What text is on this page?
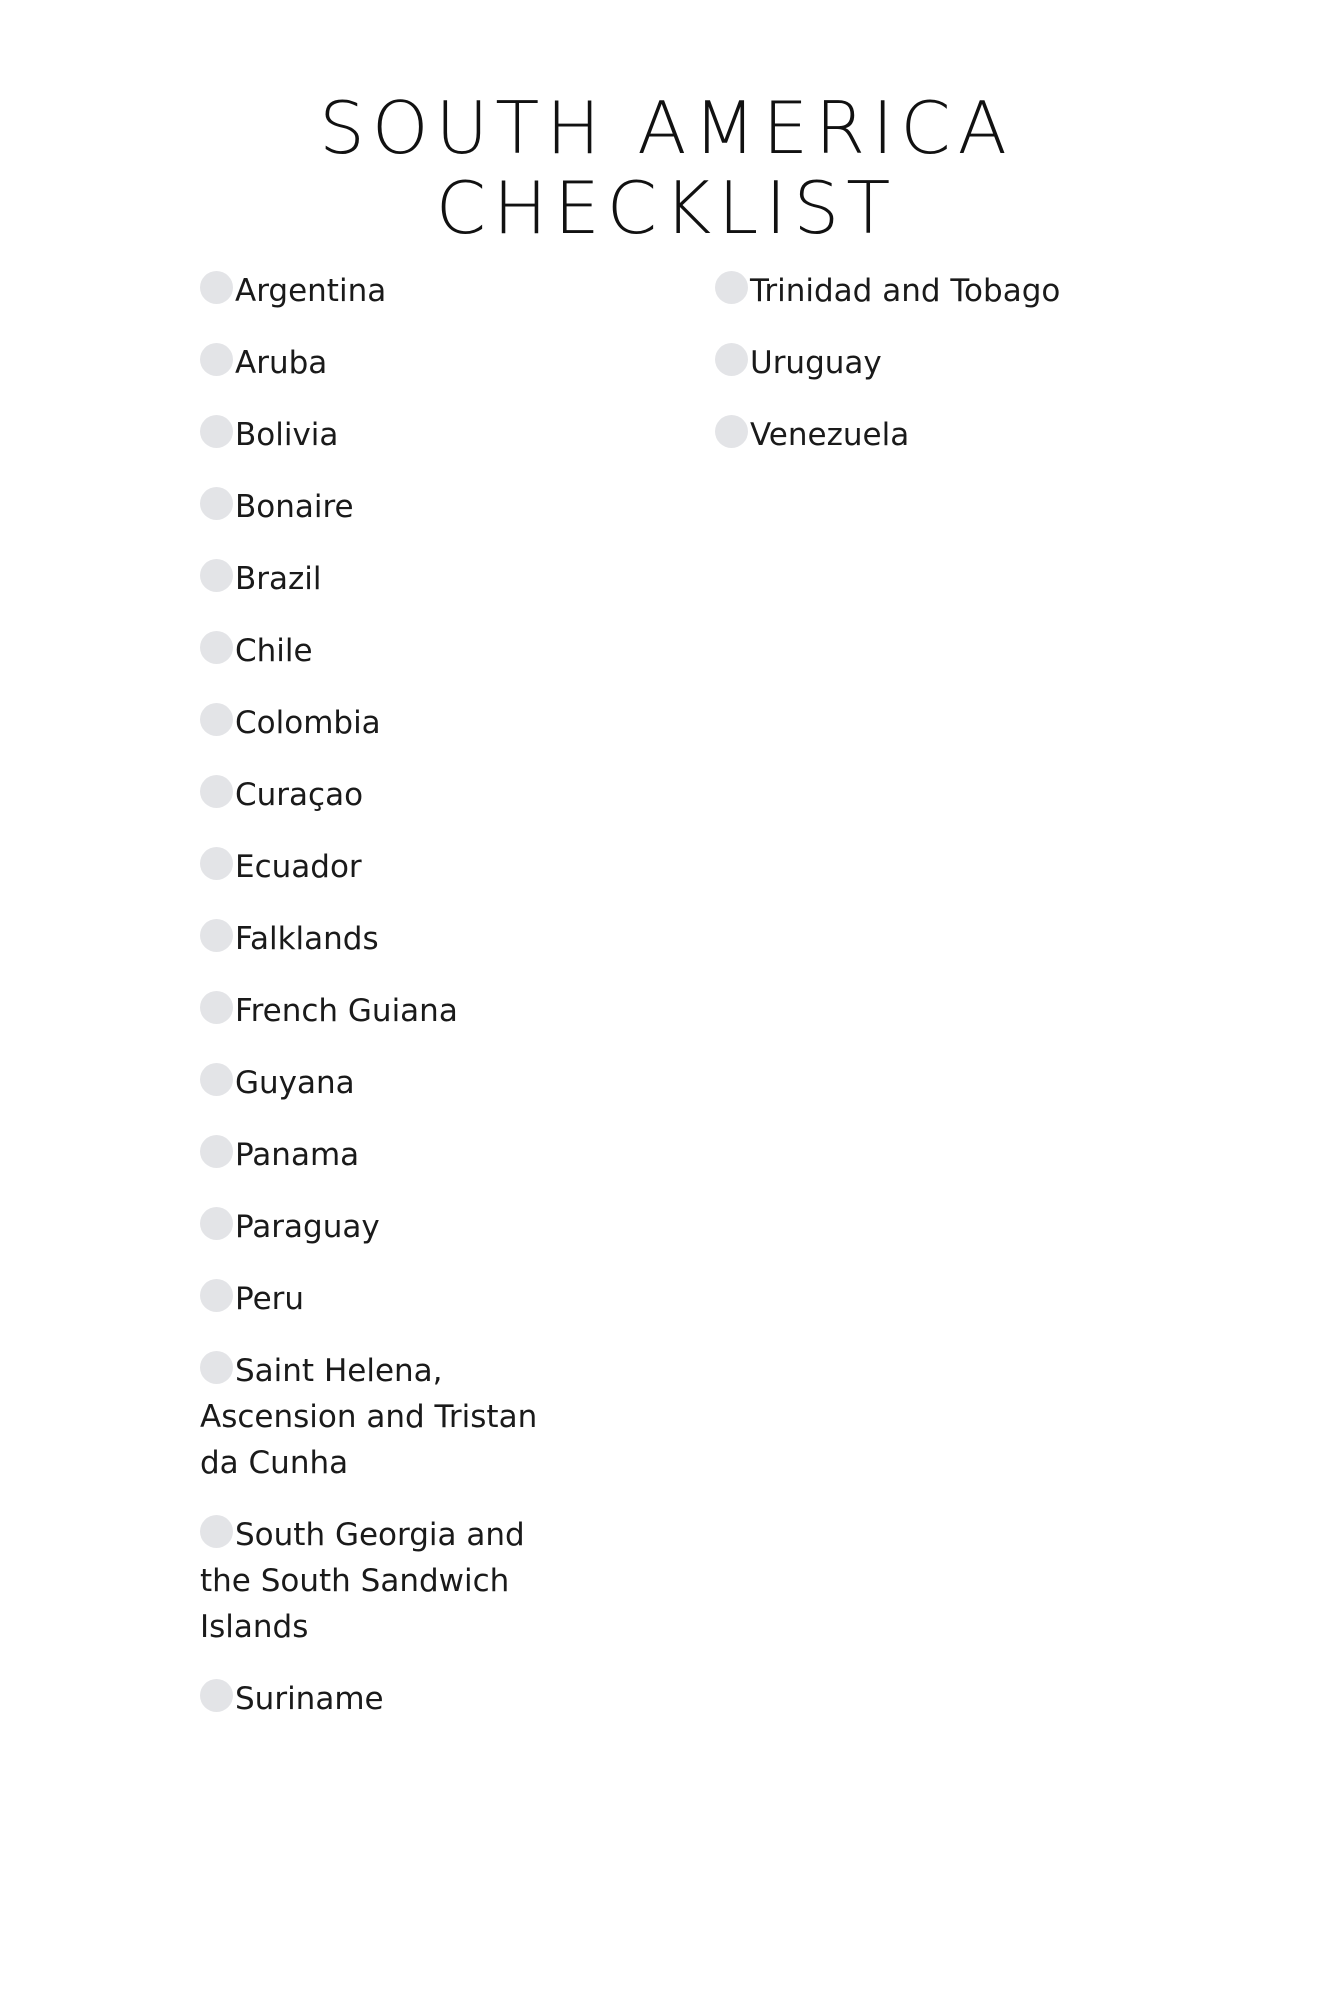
SOUTH AMERICA
CHECKLIST
Argentina
Aruba
Bolivia
Bonaire
Brazil
Chile
Colombia
Curaçao
Ecuador
Falklands
French Guiana
Guyana
Panama
Paraguay
Peru
Saint Helena, Ascension and Tristan da Cunha
South Georgia and the South Sandwich Islands
Suriname
Trinidad and Tobago
Uruguay
Venezuela
